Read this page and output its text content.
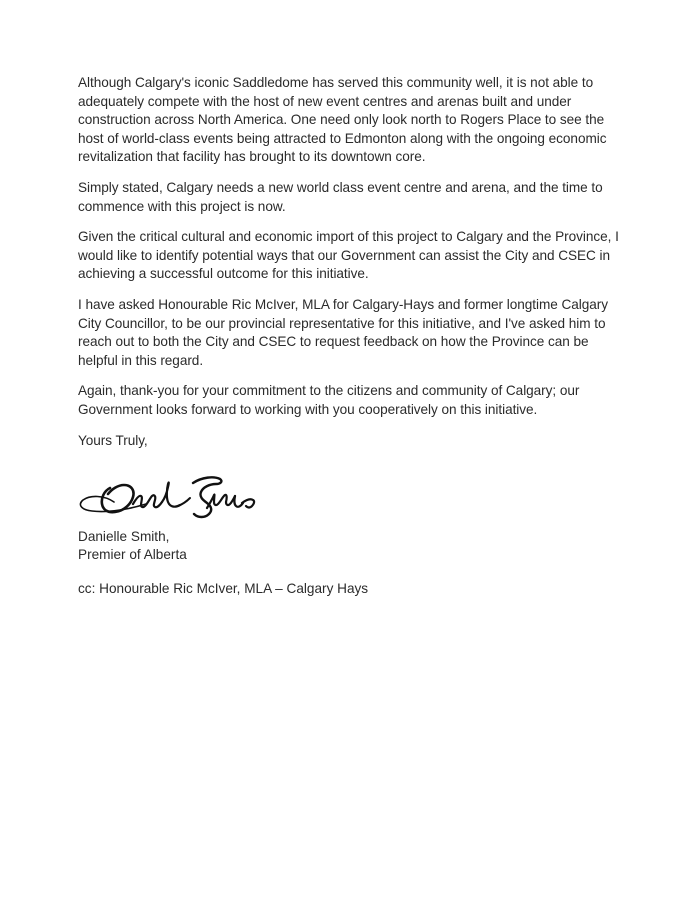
Although Calgary's iconic Saddledome has served this community well, it is not able to adequately compete with the host of new event centres and arenas built and under construction across North America. One need only look north to Rogers Place to see the host of world-class events being attracted to Edmonton along with the ongoing economic revitalization that facility has brought to its downtown core.

Simply stated, Calgary needs a new world class event centre and arena, and the time to commence with this project is now.

Given the critical cultural and economic import of this project to Calgary and the Province, I would like to identify potential ways that our Government can assist the City and CSEC in achieving a successful outcome for this initiative.

I have asked Honourable Ric McIver, MLA for Calgary-Hays and former longtime Calgary City Councillor, to be our provincial representative for this initiative, and I've asked him to reach out to both the City and CSEC to request feedback on how the Province can be helpful in this regard.

Again, thank-you for your commitment to the citizens and community of Calgary; our Government looks forward to working with you cooperatively on this initiative.

Yours Truly,

Danielle Smith,
Premier of Alberta
cc: Honourable Ric McIver, MLA – Calgary Hays
